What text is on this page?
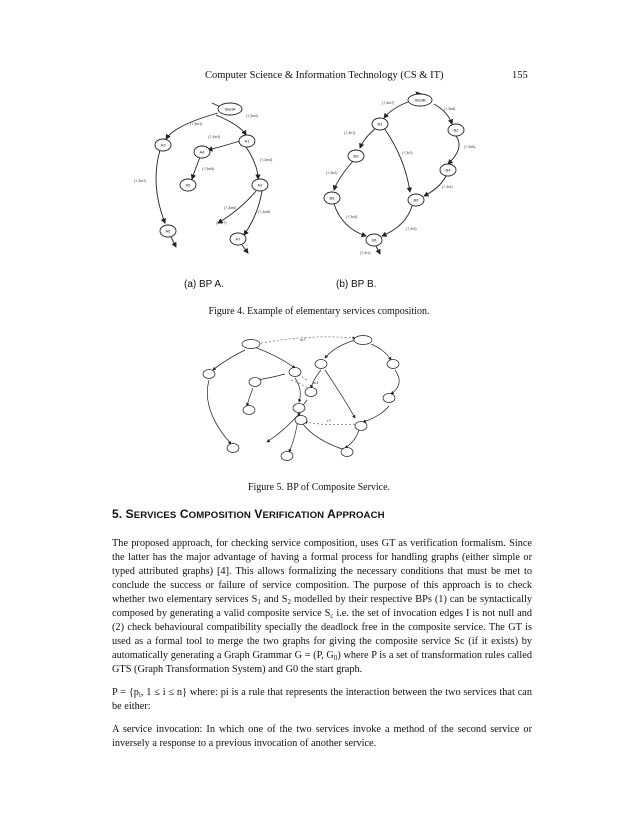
Computer Science & Information Technology (CS & IT)	155
StartA
A1
A2
A3
A4
A5
A6
A7
(?,3m1)
(?,3m2)
(?,3m3)
(?,3m4)
(?,3m5)
(?,3m6)
(?,3m7)
(?,3m8)
(?,3r7)
StartB
B1
B2
B3
B4
B5	B6
Bf
(?,3m7)
(?,3n8)
(?,3n1)
(?,3n2)
(?,3r2)
(?,3n6)
(?,3r4)
(?,3r3)
(?,3n5)
(?,3r1)
(a) BP A.	(b) BP B.
Figure 4. Example of elementary services composition.
m7
m1
r7
Figure 5. BP of Composite Service.
5. SERVICES COMPOSITION VERIFICATION APPROACH

The proposed approach, for checking service composition, uses GT as verification formalism. Since the latter has the major advantage of having a formal process for handling graphs (either simple or typed attributed graphs) [4]. This allows formalizing the necessary conditions that must be met to conclude the success or failure of service composition. The purpose of this approach is to check whether two elementary services $S_1$ and $S_2$ modelled by their respective BPs (1) can be syntactically composed by generating a valid composite service $S_c$ i.e. the set of invocation edges I is not null and (2) check behavioural compatibility specially the deadlock free in the composite service. The GT is used as a formal tool to merge the two graphs for giving the composite service Sc (if it exists) by automatically generating a Graph Grammar G = (P, $G_0$) where P is a set of transformation rules called GTS (Graph Transformation System) and G0 the start graph.

$P = \{p_i$, 1 ≤ i ≤ n} where: pi is a rule that represents the interaction between the two services that can be either:

A service invocation: In which one of the two services invoke a method of the second service or inversely a response to a previous invocation of another service.
